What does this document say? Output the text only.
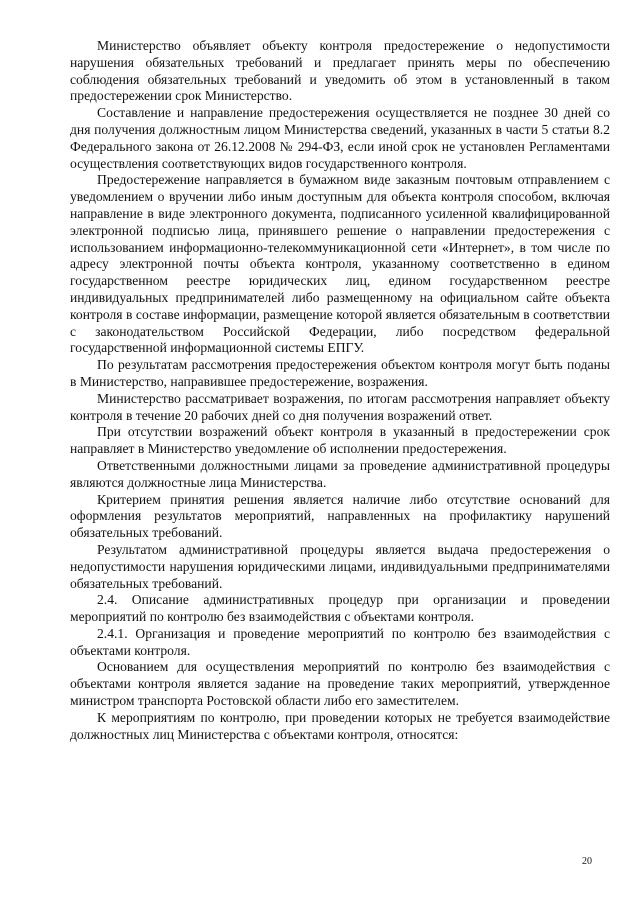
Министерство объявляет объекту контроля предостережение о недопустимости нарушения обязательных требований и предлагает принять меры по обеспечению соблюдения обязательных требований и уведомить об этом в установленный в таком предостережении срок Министерство.

Составление и направление предостережения осуществляется не позднее 30 дней со дня получения должностным лицом Министерства сведений, указанных в части 5 статьи 8.2 Федерального закона от 26.12.2008 № 294-ФЗ, если иной срок не установлен Регламентами осуществления соответствующих видов государственного контроля.

Предостережение направляется в бумажном виде заказным почтовым отправлением с уведомлением о вручении либо иным доступным для объекта контроля способом, включая направление в виде электронного документа, подписанного усиленной квалифицированной электронной подписью лица, принявшего решение о направлении предостережения с использованием информационно-телекоммуникационной сети «Интернет», в том числе по адресу электронной почты объекта контроля, указанному соответственно в едином государственном реестре юридических лиц, едином государственном реестре индивидуальных предпринимателей либо размещенному на официальном сайте объекта контроля в составе информации, размещение которой является обязательным в соответствии с законодательством Российской Федерации, либо посредством федеральной государственной информационной системы ЕПГУ.

По результатам рассмотрения предостережения объектом контроля могут быть поданы в Министерство, направившее предостережение, возражения.

Министерство рассматривает возражения, по итогам рассмотрения направляет объекту контроля в течение 20 рабочих дней со дня получения возражений ответ.

При отсутствии возражений объект контроля в указанный в предостережении срок направляет в Министерство уведомление об исполнении предостережения.

Ответственными должностными лицами за проведение административной процедуры являются должностные лица Министерства.

Критерием принятия решения является наличие либо отсутствие оснований для оформления результатов мероприятий, направленных на профилактику нарушений обязательных требований.

Результатом административной процедуры является выдача предостережения о недопустимости нарушения юридическими лицами, индивидуальными предпринимателями обязательных требований.

2.4. Описание административных процедур при организации и проведении мероприятий по контролю без взаимодействия с объектами контроля.

2.4.1. Организация и проведение мероприятий по контролю без взаимодействия с объектами контроля.

Основанием для осуществления мероприятий по контролю без взаимодействия с объектами контроля является задание на проведение таких мероприятий, утвержденное министром транспорта Ростовской области либо его заместителем.

К мероприятиям по контролю, при проведении которых не требуется взаимодействие должностных лиц Министерства с объектами контроля, относятся:

20
